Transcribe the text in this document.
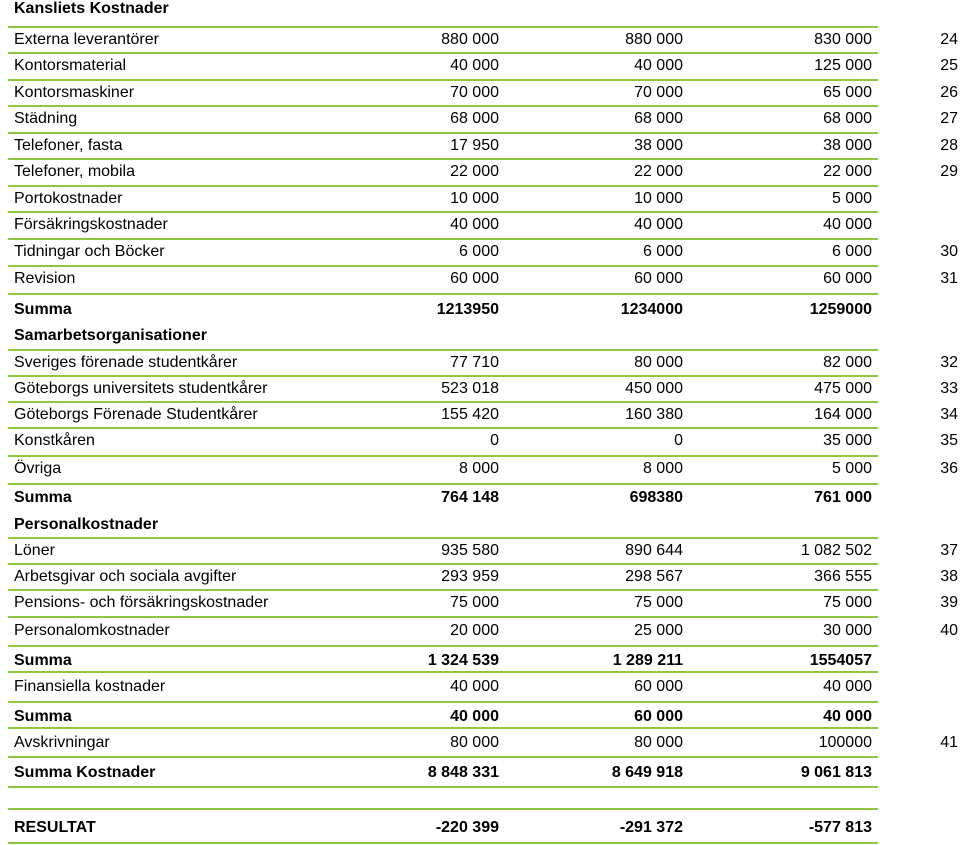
Kansliets Kostnader
Externa leverantörer	880 000	880 000	830 000	24
Kontorsmaterial	40 000	40 000	125 000	25
Kontorsmaskiner	70 000	70 000	65 000	26
Städning	68 000	68 000	68 000	27
Telefoner, fasta	17 950	38 000	38 000	28
Telefoner, mobila	22 000	22 000	22 000	29
Portokostnader	10 000	10 000	5 000
Försäkringskostnader	40 000	40 000	40 000
Tidningar och Böcker	6 000	6 000	6 000	30
Revision	60 000	60 000	60 000	31
Summa	1213950	1234000	1259000
Samarbetsorganisationer
Sveriges förenade studentkårer	77 710	80 000	82 000	32
Göteborgs universitets studentkårer	523 018	450 000	475 000	33
Göteborgs Förenade Studentkårer	155 420	160 380	164 000	34
Konstkåren	0	0	35 000	35
Övriga	8 000	8 000	5 000	36
Summa	764 148	698380	761 000
Personalkostnader
Löner	935 580	890 644	1 082 502	37
Arbetsgivar och sociala avgifter	293 959	298 567	366 555	38
Pensions- och försäkringskostnader	75 000	75 000	75 000	39
Personalomkostnader	20 000	25 000	30 000	40
Summa	1 324 539	1 289 211	1554057
Finansiella kostnader	40 000	60 000	40 000
Summa	40 000	60 000	40 000
Avskrivningar	80 000	80 000	100000	41
Summa Kostnader	8 848 331	8 649 918	9 061 813
RESULTAT	-220 399	-291 372	-577 813
